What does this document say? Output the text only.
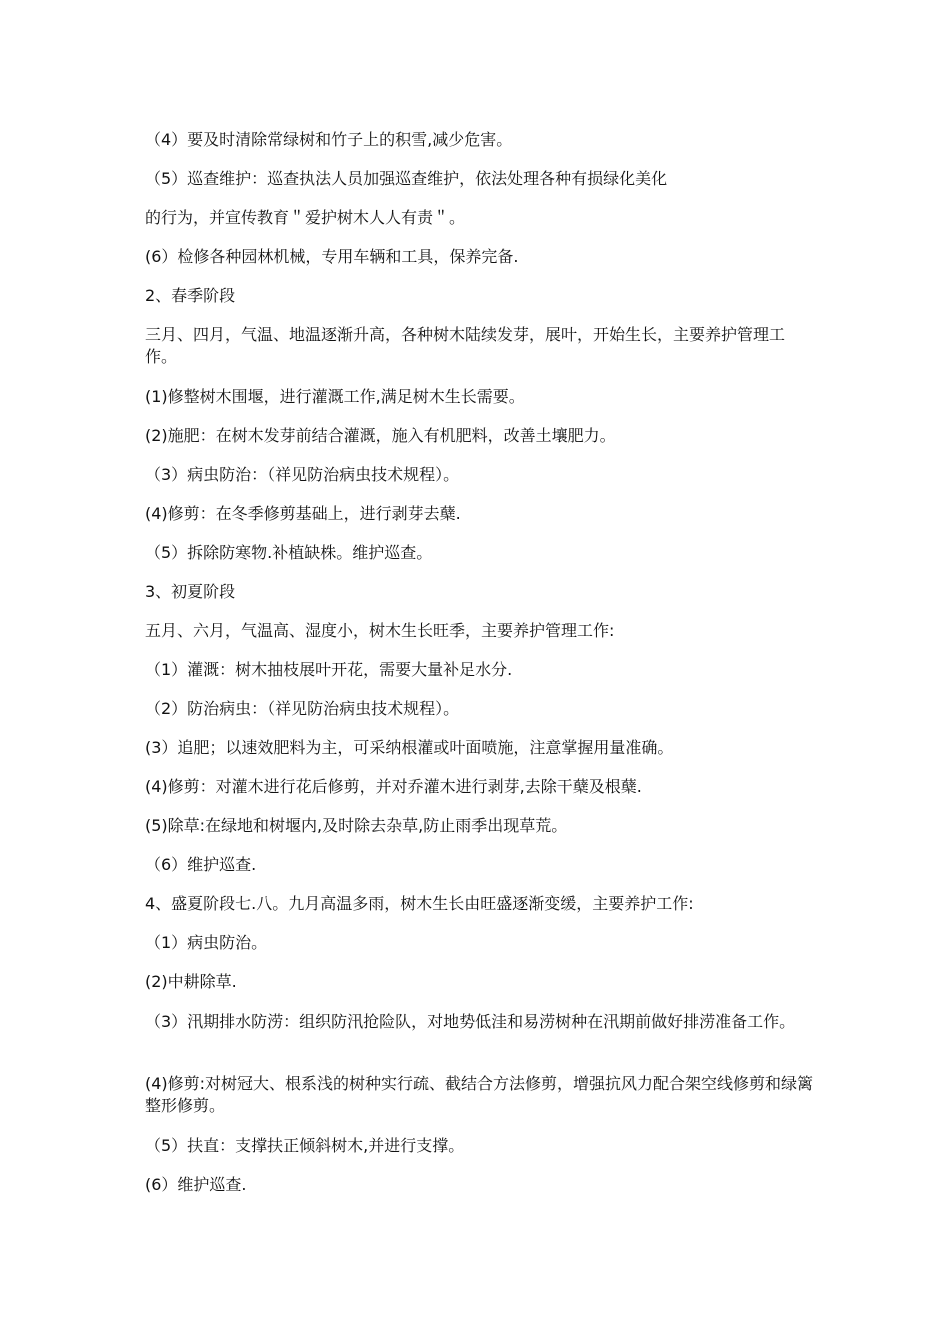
（4）要及时清除常绿树和竹子上的积雪,减少危害。
（5）巡查维护：巡查执法人员加强巡查维护，依法处理各种有损绿化美化
的行为，并宣传教育＂爱护树木人人有责＂。
(6）检修各种园林机械，专用车辆和工具，保养完备.
2、春季阶段
三月、四月，气温、地温逐渐升高，各种树木陆续发芽，展叶，开始生长，主要养护管理工作。
(1)修整树木围堰，进行灌溉工作,满足树木生长需要。
(2)施肥：在树木发芽前结合灌溉，施入有机肥料，改善土壤肥力。
（3）病虫防治：（祥见防治病虫技术规程）。
(4)修剪：在冬季修剪基础上，进行剥芽去蘖.
（5）拆除防寒物.补植缺株。维护巡查。
3、初夏阶段
五月、六月，气温高、湿度小，树木生长旺季，主要养护管理工作:
（1）灌溉：树木抽枝展叶开花，需要大量补足水分.
（2）防治病虫：（祥见防治病虫技术规程）。
(3）追肥；以速效肥料为主，可采纳根灌或叶面喷施，注意掌握用量准确。
(4)修剪：对灌木进行花后修剪，并对乔灌木进行剥芽,去除干蘖及根蘖.
(5)除草:在绿地和树堰内,及时除去杂草,防止雨季出现草荒。
（6）维护巡查.
4、盛夏阶段七.八。九月高温多雨，树木生长由旺盛逐渐变缓，主要养护工作:
（1）病虫防治。
(2)中耕除草.
（3）汛期排水防涝：组织防汛抢险队，对地势低洼和易涝树种在汛期前做好排涝准备工作。
(4)修剪:对树冠大、根系浅的树种实行疏、截结合方法修剪，增强抗风力配合架空线修剪和绿篱整形修剪。
（5）扶直：支撑扶正倾斜树木,并进行支撑。
(6）维护巡查.
